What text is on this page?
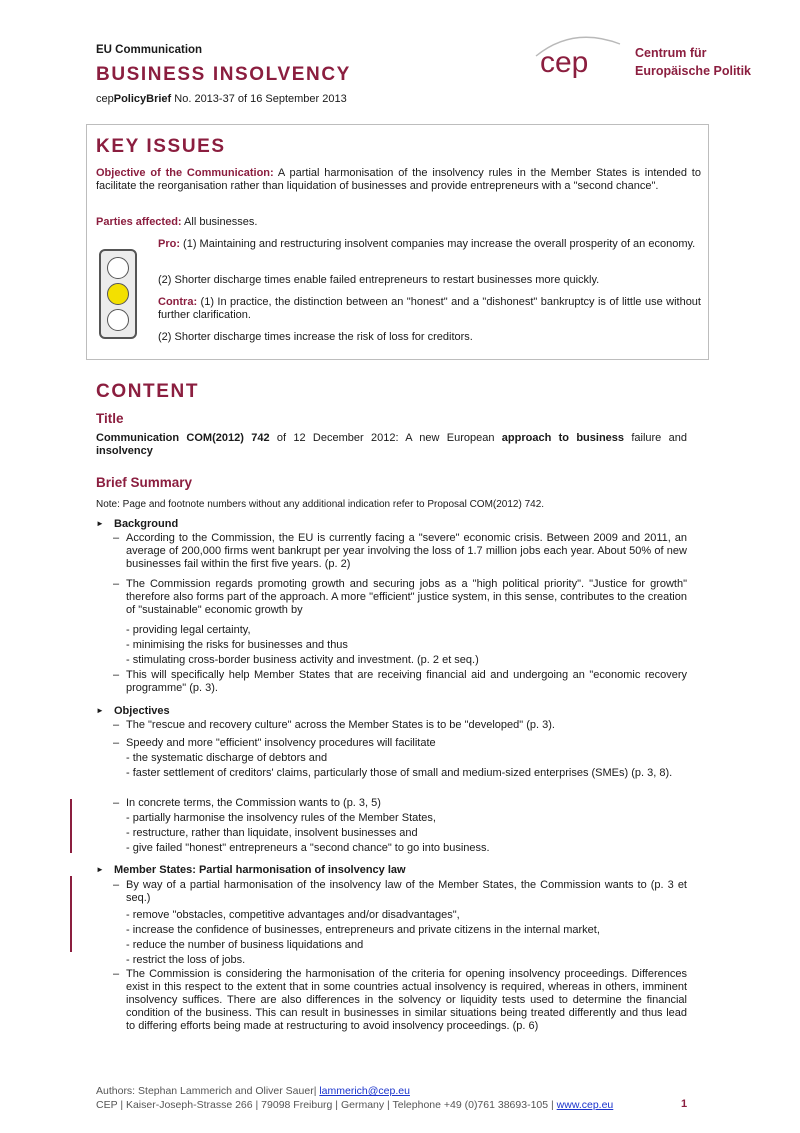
EU Communication
BUSINESS INSOLVENCY
cepPolicyBrief No. 2013-37 of 16 September 2013
cep	Centrum für
Europäische Politik
KEY ISSUES
Objective of the Communication: A partial harmonisation of the insolvency rules in the Member States is intended to facilitate the reorganisation rather than liquidation of businesses and provide entrepreneurs with a "second chance".
Parties affected: All businesses.
Pro: (1) Maintaining and restructuring insolvent companies may increase the overall prosperity of an economy.
(2) Shorter discharge times enable failed entrepreneurs to restart businesses more quickly.
Contra: (1) In practice, the distinction between an "honest" and a "dishonest" bankruptcy is of little use without further clarification.
(2) Shorter discharge times increase the risk of loss for creditors.
CONTENT
Title
Communication COM(2012) 742 of 12 December 2012: A new European approach to business failure and insolvency
Brief Summary
Note: Page and footnote numbers without any additional indication refer to Proposal COM(2012) 742.
► Background
– According to the Commission, the EU is currently facing a "severe" economic crisis. Between 2009 and 2011, an average of 200,000 firms went bankrupt per year involving the loss of 1.7 million jobs each year. About 50% of new businesses fail within the first five years. (p. 2)
– The Commission regards promoting growth and securing jobs as a "high political priority". "Justice for growth" therefore also forms part of the approach. A more "efficient" justice system, in this sense, contributes to the creation of "sustainable" economic growth by
- providing legal certainty,
- minimising the risks for businesses and thus
- stimulating cross-border business activity and investment. (p. 2 et seq.)
– This will specifically help Member States that are receiving financial aid and undergoing an "economic recovery programme" (p. 3).
► Objectives
– The "rescue and recovery culture" across the Member States is to be "developed" (p. 3).
– Speedy and more "efficient" insolvency procedures will facilitate
- the systematic discharge of debtors and
- faster settlement of creditors' claims, particularly those of small and medium-sized enterprises (SMEs) (p. 3, 8).
– In concrete terms, the Commission wants to (p. 3, 5)
- partially harmonise the insolvency rules of the Member States,
- restructure, rather than liquidate, insolvent businesses and
- give failed "honest" entrepreneurs a "second chance" to go into business.
► Member States: Partial harmonisation of insolvency law
– By way of a partial harmonisation of the insolvency law of the Member States, the Commission wants to (p. 3 et seq.)
- remove "obstacles, competitive advantages and/or disadvantages",
- increase the confidence of businesses, entrepreneurs and private citizens in the internal market,
- reduce the number of business liquidations and
- restrict the loss of jobs.
– The Commission is considering the harmonisation of the criteria for opening insolvency proceedings. Differences exist in this respect to the extent that in some countries actual insolvency is required, whereas in others, imminent insolvency suffices. There are also differences in the solvency or liquidity tests used to determine the financial condition of the business. This can result in businesses in similar situations being treated differently and thus lead to differing efforts being made at restructuring to avoid insolvency proceedings. (p. 6)
Authors: Stephan Lammerich and Oliver Sauer| lammerich@cep.eu
CEP | Kaiser-Joseph-Strasse 266 | 79098 Freiburg | Germany | Telephone +49 (0)761 38693-105 | www.cep.eu	1
